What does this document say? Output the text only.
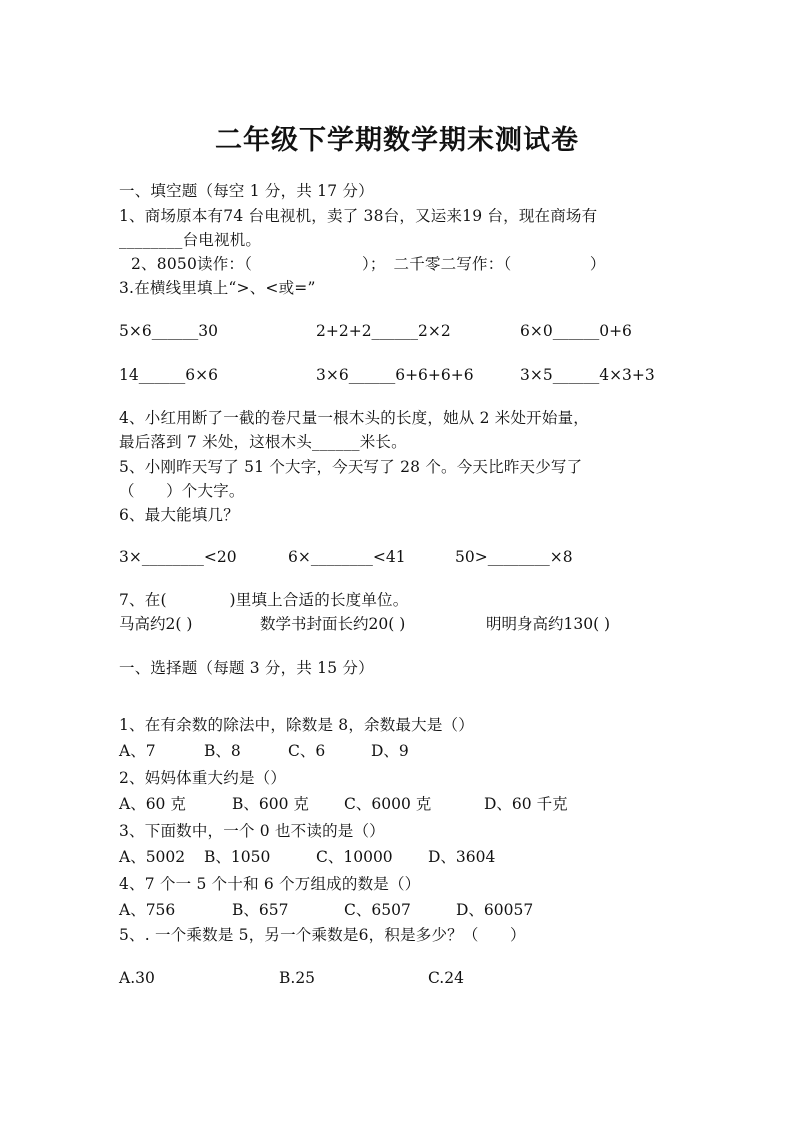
二年级下学期数学期末测试卷
一、填空题（每空 1 分，共 17 分）
1、商场原本有74 台电视机，卖了 38台，又运来19 台，现在商场有
________台电视机。
2、8050读作：（　　　　　　　）；　二千零二写作：（　　　　　）
3.在横线里填上“>、<或=”
5×6______30	2+2+2______2×2	6×0______0+6
14______6×6	3×6______6+6+6+6	3×5______4×3+3
4、小红用断了一截的卷尺量一根木头的长度，她从 2 米处开始量，
最后落到 7 米处，这根木头______米长。
5、小刚昨天写了 51 个大字，今天写了 28 个。今天比昨天少写了
（　　）个大字。
6、最大能填几？
3×________<20	6×________<41	50>________×8
7、在(　　　　)里填上合适的长度单位。
马高约2( )	数学书封面长约20( )	明明身高约130( )
一、选择题（每题 3 分，共 15 分）
1、在有余数的除法中，除数是 8，余数最大是（）
A、7	B、8	C、6	D、9
2、妈妈体重大约是（）
A、60 克	B、600 克 C、6000 克	D、60 千克
3、下面数中，一个 0 也不读的是（）
A、5002 B、1050	C、10000 D、3604
4、7 个一 5 个十和 6 个万组成的数是（）
A、756	B、657	C、6507	D、60057
5、. 一个乘数是 5，另一个乘数是6，积是多少？（　　）
A.30	B.25	C.24
